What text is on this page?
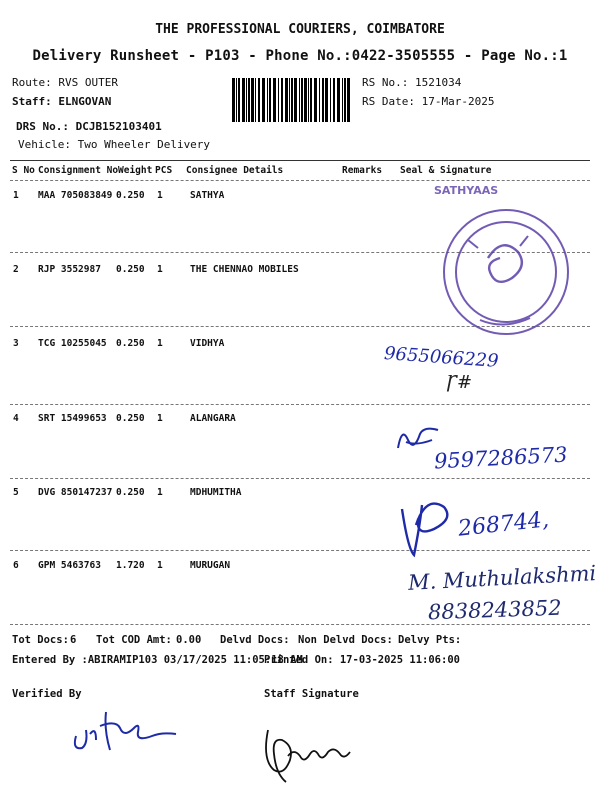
THE PROFESSIONAL COURIERS, COIMBATORE
Delivery Runsheet - P103 - Phone No.:0422-3505555 - Page No.:1
Route: RVS OUTER
Staff: ELNGOVAN
DRS No.: DCJB152103401
Vehicle: Two Wheeler Delivery
RS No.: 1521034
RS Date: 17-Mar-2025
S No Consignment No Weight PCS Consignee Details	Remarks Seal & Signature
1 MAA 705083849 0.250 1	SATHYA
2 RJP 3552987 0.250 1	THE CHENNAO MOBILES
3 TCG 10255045 0.250 1	VIDHYA
4 SRT 15499653 0.250 1	ALANGARA
5 DVG 850147237 0.250 1	MDHUMITHA
6 GPM 5463763 1.720 1	MURUGAN
SATHYAAS
9655066229
Ꞅ#
9597286573
268744,
M. Muthulakshmi
8838243852
Tot Docs: 6 Tot COD Amt: 0.00 Delvd Docs: Non Delvd Docs: Delvy Pts:
Entered By :ABIRAMIP103 03/17/2025 11:05:18 AM
Printed On: 17-03-2025 11:06:00
Verified By	Staff Signature
